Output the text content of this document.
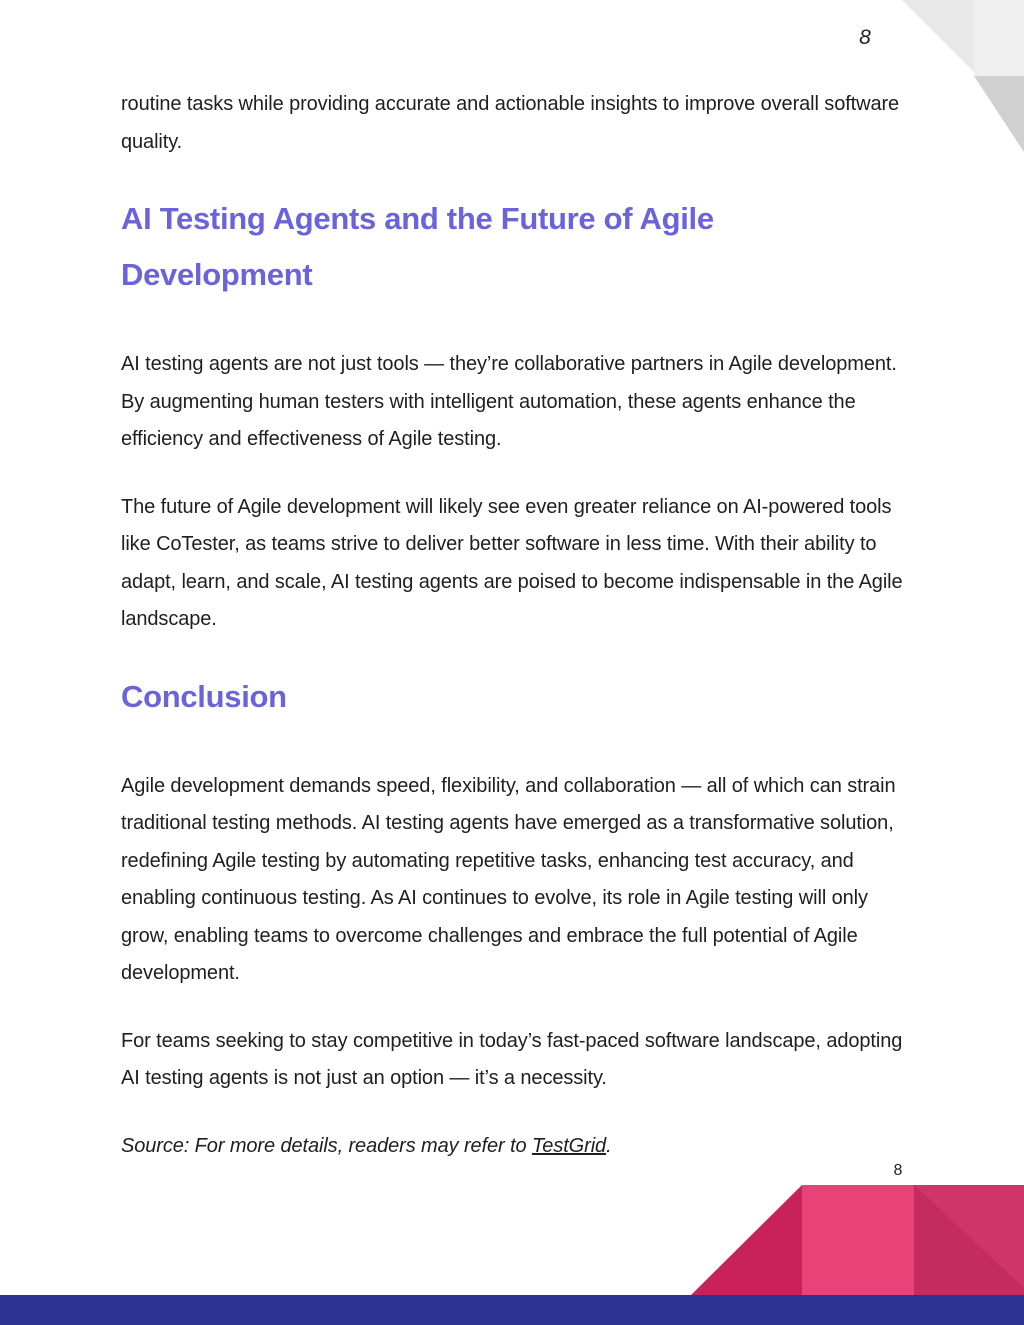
8

routine tasks while providing accurate and actionable insights to improve overall software quality.

AI Testing Agents and the Future of Agile Development

AI testing agents are not just tools — they’re collaborative partners in Agile development. By augmenting human testers with intelligent automation, these agents enhance the efficiency and effectiveness of Agile testing.

The future of Agile development will likely see even greater reliance on AI-powered tools like CoTester, as teams strive to deliver better software in less time. With their ability to adapt, learn, and scale, AI testing agents are poised to become indispensable in the Agile landscape.

Conclusion

Agile development demands speed, flexibility, and collaboration — all of which can strain traditional testing methods. AI testing agents have emerged as a transformative solution, redefining Agile testing by automating repetitive tasks, enhancing test accuracy, and enabling continuous testing. As AI continues to evolve, its role in Agile testing will only grow, enabling teams to overcome challenges and embrace the full potential of Agile development.

For teams seeking to stay competitive in today’s fast-paced software landscape, adopting AI testing agents is not just an option — it’s a necessity.

Source: For more details, readers may refer to TestGrid.

8
